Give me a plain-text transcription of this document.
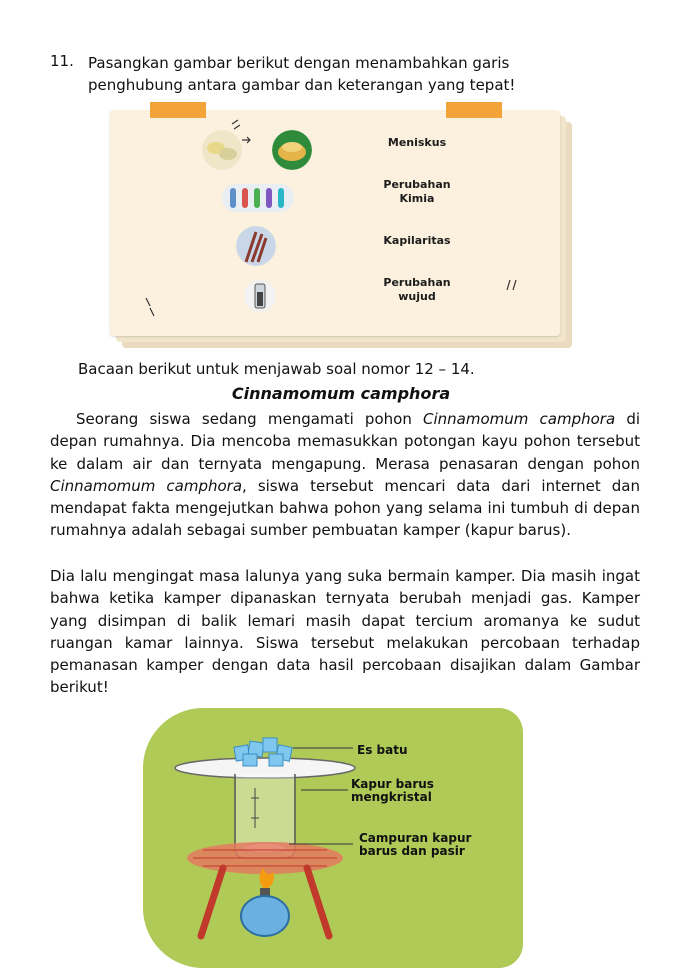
11. Pasangkan gambar berikut dengan menambahkan garis penghubung antara gambar dan keterangan yang tepat!
Meniskus
Perubahan Kimia
Kapilaritas
Perubahan wujud
Bacaan berikut untuk menjawab soal nomor 12 – 14.
Cinnamomum camphora

Seorang siswa sedang mengamati pohon Cinnamomum camphora di depan rumahnya. Dia mencoba memasukkan potongan kayu pohon tersebut ke dalam air dan ternyata mengapung. Merasa penasaran dengan pohon Cinnamomum camphora, siswa tersebut mencari data dari internet dan mendapat fakta mengejutkan bahwa pohon yang selama ini tumbuh di depan rumahnya adalah sebagai sumber pembuatan kamper (kapur barus).

Dia lalu mengingat masa lalunya yang suka bermain kamper. Dia masih ingat bahwa ketika kamper dipanaskan ternyata berubah menjadi gas. Kamper yang disimpan di balik lemari masih dapat tercium aromanya ke sudut ruangan kamar lainnya. Siswa tersebut melakukan percobaan terhadap pemanasan kamper dengan data hasil percobaan disajikan dalam Gambar berikut!

Es batu
Kapur barus
mengkristal
Campuran kapur
barus dan pasir
